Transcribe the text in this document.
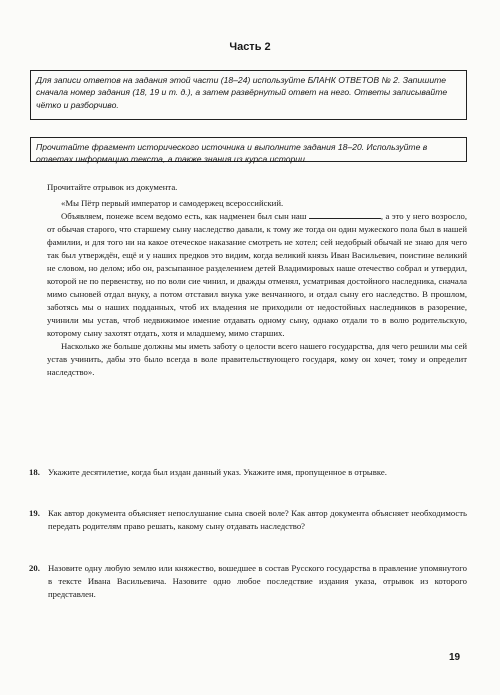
Часть 2
Для записи ответов на задания этой части (18–24) используйте БЛАНК ОТВЕТОВ № 2. Запишите сначала номер задания (18, 19 и т. д.), а затем развёрнутый ответ на него. Ответы записывайте чётко и разборчиво.
Прочитайте фрагмент исторического источника и выполните задания 18–20. Используйте в ответах информацию текста, а также знания из курса истории.

Прочитайте отрывок из документа.

«Мы Пётр первый император и самодержец всероссийский.

Объявляем, понеже всем ведомо есть, как надменен был сын наш	, а это у него возросло, от обычая старого, что старшему сыну наследство давали, к тому же тогда он один мужеского пола был в нашей фамилии, и для того ни на какое отеческое наказание смотреть не хотел; сей недобрый обычай не знаю для чего так был утверждён, ещё и у наших предков это видим, когда великий князь Иван Васильевич, поистине великий не словом, но делом; ибо он, разсыпанное разделением детей Владимировых наше отечество собрал и утвердил, которой не по первенству, но по воли сие чинил, и дважды отменял, усматривая достойного наследника, сначала мимо сыновей отдал внуку, а потом отставил внука уже венчанного, и отдал сыну его наследство. В прошлом, заботясь мы о наших подданных, чтоб их владения не приходили от недостойных наследников в разорение, учинили мы устав, чтоб недвижимое имение отдавать одному сыну, однако отдали то в волю родительскую, которому сыну захотят отдать, хотя и младшему, мимо старших.

Насколько же больше должны мы иметь заботу о целости всего нашего государства, для чего решили мы сей устав учинить, дабы это было всегда в воле правительствующего государя, кому он хочет, тому и определит наследство».

18. Укажите десятилетие, когда был издан данный указ. Укажите имя, пропущенное в отрывке.
19. Как автор документа объясняет непослушание сына своей воле? Как автор документа объясняет необходимость передать родителям право решать, какому сыну отдавать наследство?
20. Назовите одну любую землю или княжество, вошедшее в состав Русского государства в правление упомянутого в тексте Ивана Васильевича. Назовите одно любое последствие издания указа, отрывок из которого представлен.
19
